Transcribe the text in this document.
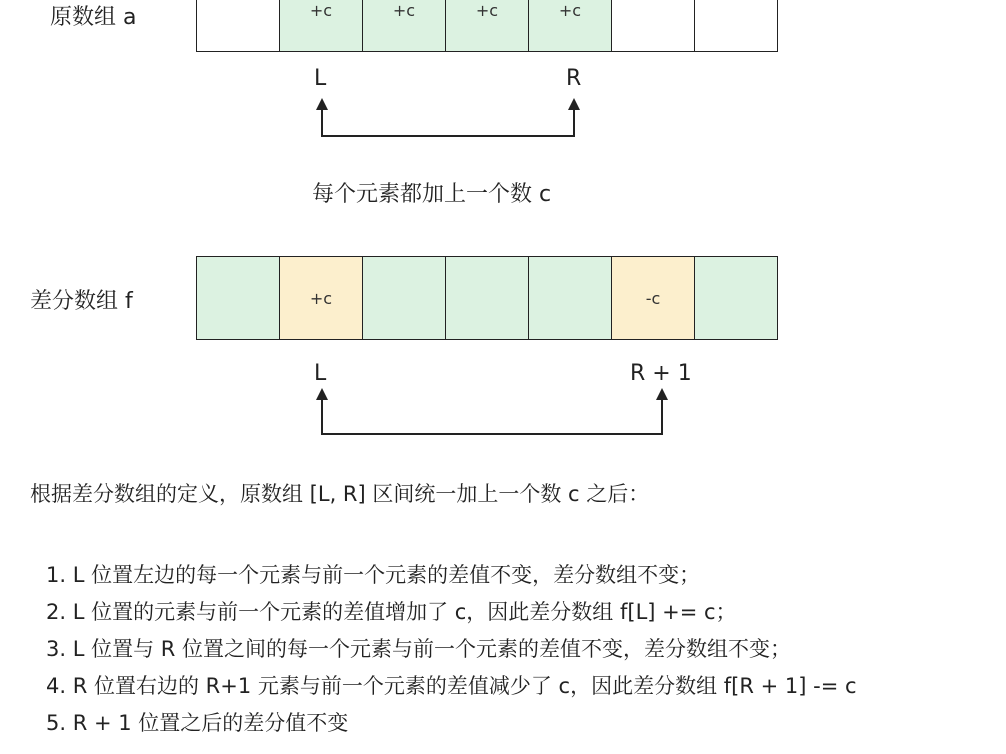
原数组 a	+c	+c	+c	+c
L	R
每个元素都加上一个数 c
差分数组 f	+c	-c
L	R + 1
根据差分数组的定义，原数组 [L, R] 区间统一加上一个数 c 之后：
1. L 位置左边的每一个元素与前一个元素的差值不变，差分数组不变；
2. L 位置的元素与前一个元素的差值增加了 c，因此差分数组 f[L] += c；
3. L 位置与 R 位置之间的每一个元素与前一个元素的差值不变，差分数组不变；
4. R 位置右边的 R+1 元素与前一个元素的差值减少了 c，因此差分数组 f[R + 1] -= c
5. R + 1 位置之后的差分值不变
